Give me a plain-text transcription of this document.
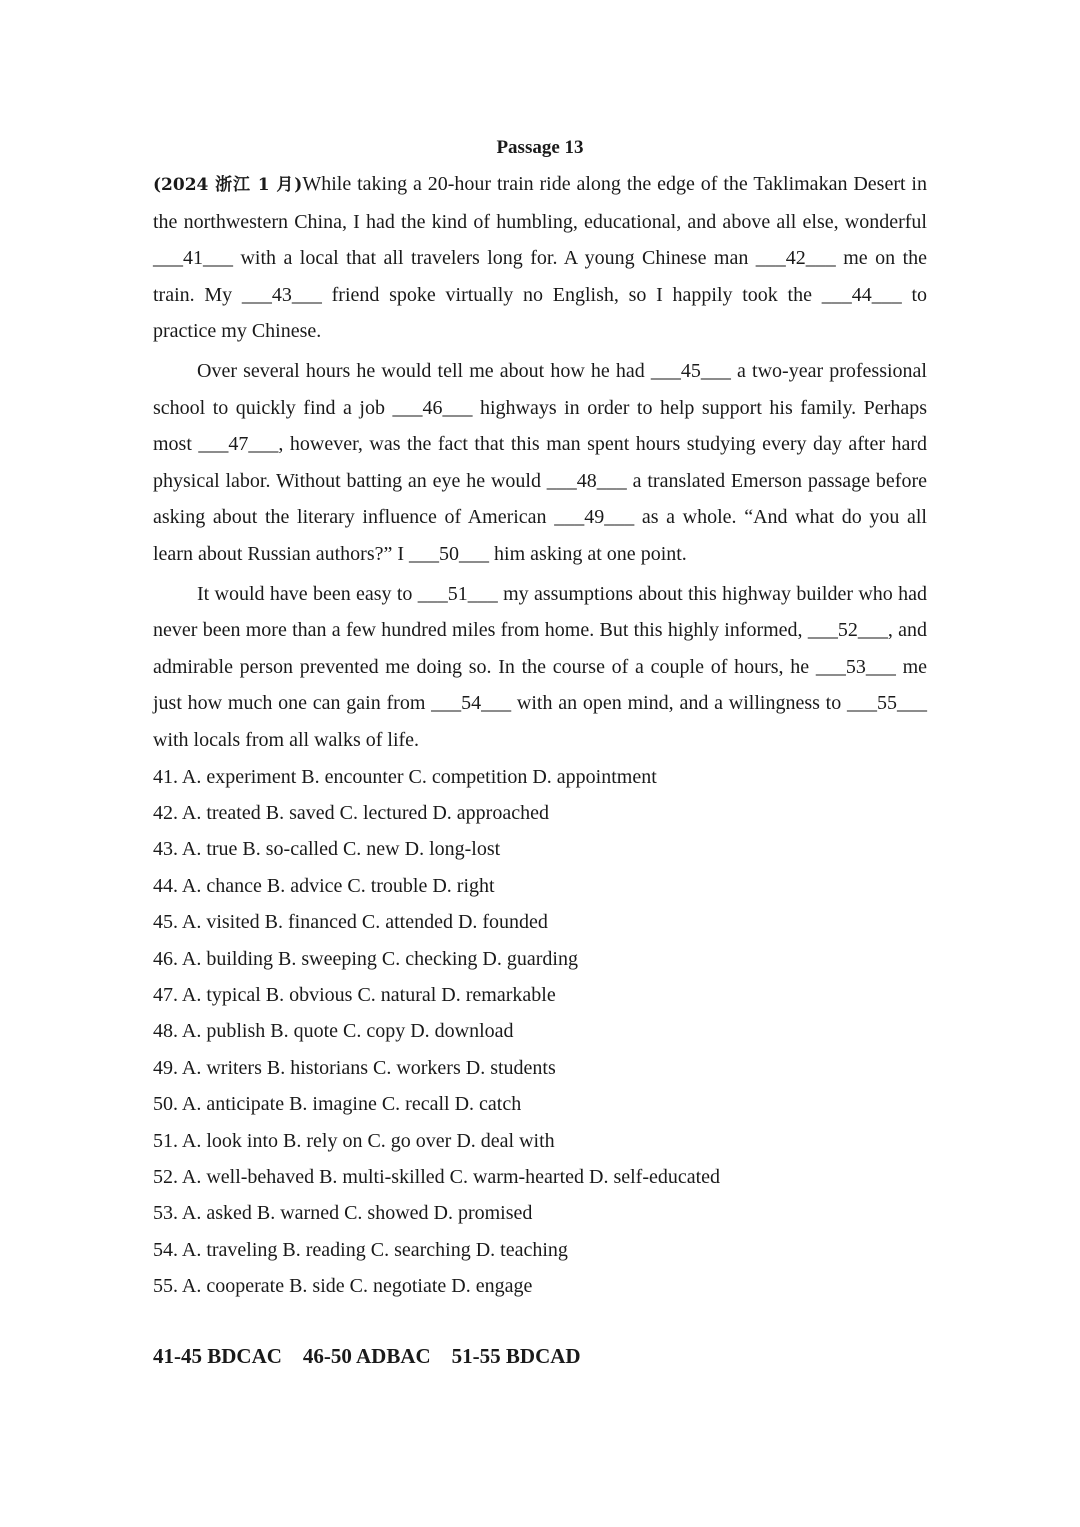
Passage 13

(2024 浙江 1 月)While taking a 20-hour train ride along the edge of the Taklimakan Desert in the northwestern China, I had the kind of humbling, educational, and above all else, wonderful ___41___ with a local that all travelers long for. A young Chinese man ___42___ me on the train. My ___43___ friend spoke virtually no English, so I happily took the ___44___ to practice my Chinese.

Over several hours he would tell me about how he had ___45___ a two-year professional school to quickly find a job ___46___ highways in order to help support his family. Perhaps most ___47___, however, was the fact that this man spent hours studying every day after hard physical labor. Without batting an eye he would ___48___ a translated Emerson passage before asking about the literary influence of American ___49___ as a whole. “And what do you all learn about Russian authors?” I ___50___ him asking at one point.

It would have been easy to ___51___ my assumptions about this highway builder who had never been more than a few hundred miles from home. But this highly informed, ___52___, and admirable person prevented me doing so. In the course of a couple of hours, he ___53___ me just how much one can gain from ___54___ with an open mind, and a willingness to ___55___ with locals from all walks of life.

41. A. experiment B. encounter C. competition D. appointment
42. A. treated B. saved C. lectured D. approached
43. A. true B. so-called C. new D. long-lost
44. A. chance B. advice C. trouble D. right
45. A. visited B. financed C. attended D. founded
46. A. building B. sweeping C. checking D. guarding
47. A. typical B. obvious C. natural D. remarkable
48. A. publish B. quote C. copy D. download
49. A. writers B. historians C. workers D. students
50. A. anticipate B. imagine C. recall D. catch
51. A. look into B. rely on C. go over D. deal with
52. A. well-behaved B. multi-skilled C. warm-hearted D. self-educated
53. A. asked B. warned C. showed D. promised
54. A. traveling B. reading C. searching D. teaching
55. A. cooperate B. side C. negotiate D. engage
41-45 BDCAC    46-50 ADBAC    51-55 BDCAD
